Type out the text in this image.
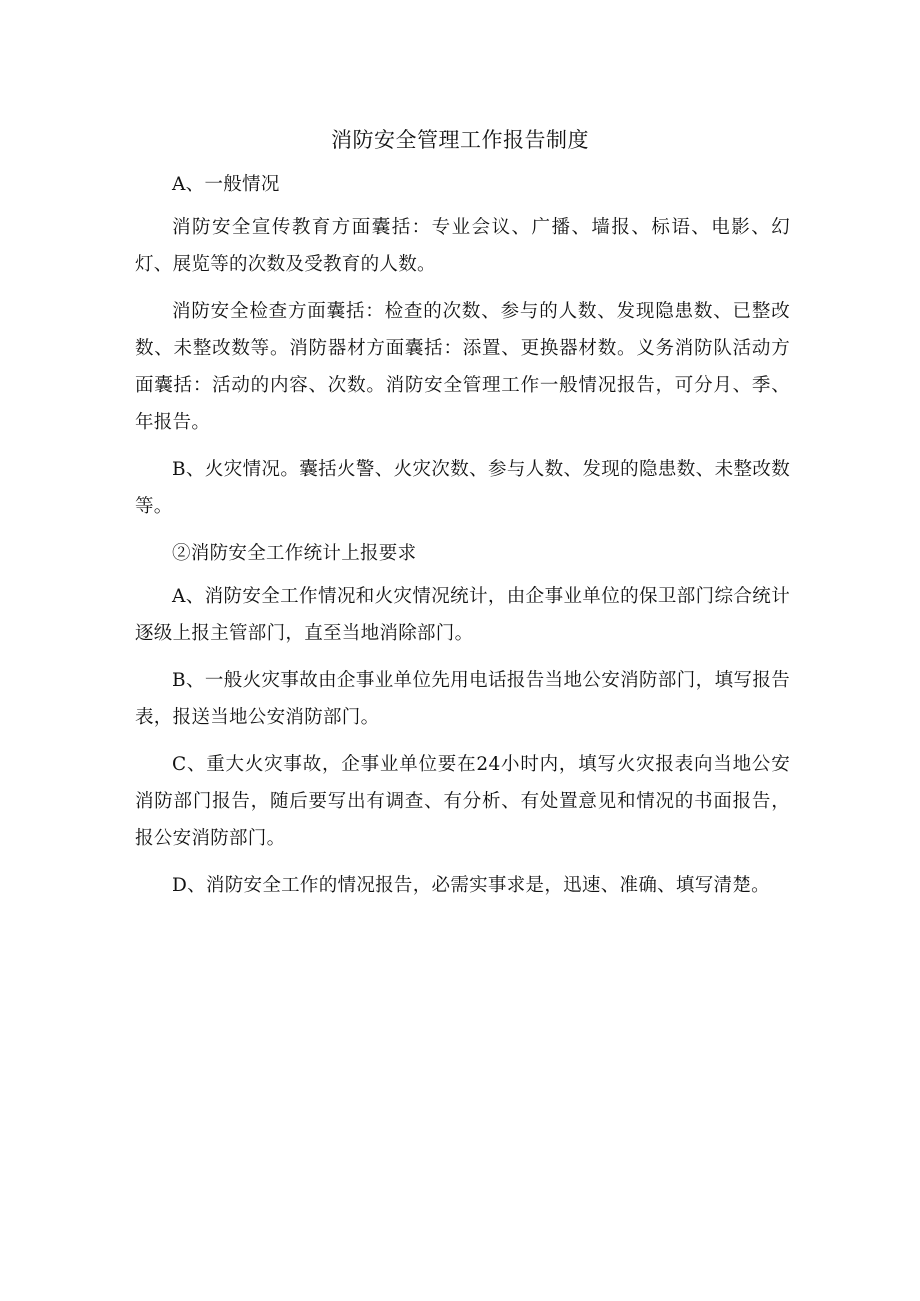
消防安全管理工作报告制度

A、一般情况

消防安全宣传教育方面囊括：专业会议、广播、墙报、标语、电影、幻灯、展览等的次数及受教育的人数。

消防安全检查方面囊括：检查的次数、参与的人数、发现隐患数、已整改数、未整改数等。消防器材方面囊括：添置、更换器材数。义务消防队活动方面囊括：活动的内容、次数。消防安全管理工作一般情况报告，可分月、季、年报告。

B、火灾情况。囊括火警、火灾次数、参与人数、发现的隐患数、未整改数等。

②消防安全工作统计上报要求

A、消防安全工作情况和火灾情况统计，由企事业单位的保卫部门综合统计逐级上报主管部门，直至当地消除部门。

B、一般火灾事故由企事业单位先用电话报告当地公安消防部门，填写报告表，报送当地公安消防部门。

C、重大火灾事故，企事业单位要在24小时内，填写火灾报表向当地公安消防部门报告，随后要写出有调查、有分析、有处置意见和情况的书面报告，报公安消防部门。

D、消防安全工作的情况报告，必需实事求是，迅速、准确、填写清楚。
